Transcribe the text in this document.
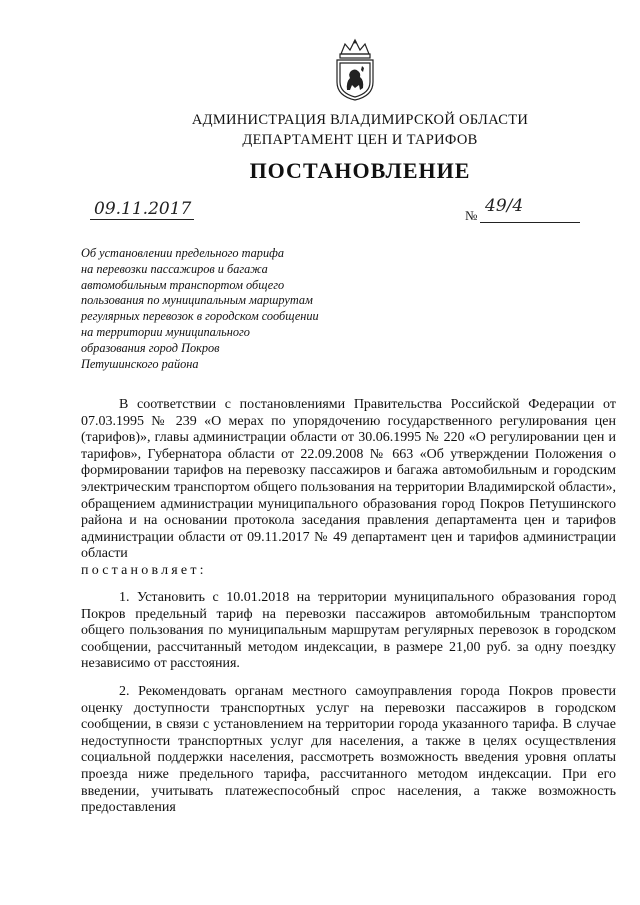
АДМИНИСТРАЦИЯ ВЛАДИМИРСКОЙ ОБЛАСТИ
ДЕПАРТАМЕНТ ЦЕН И ТАРИФОВ
ПОСТАНОВЛЕНИЕ
09.11.2017	№ 49/4
Об установлении предельного тарифа
на перевозки пассажиров и багажа
автомобильным транспортом общего
пользования по муниципальным маршрутам
регулярных перевозок в городском сообщении
на территории муниципального
образования город Покров
Петушинского района

В соответствии с постановлениями Правительства Российской Федерации от 07.03.1995 № 239 «О мерах по упорядочению государственного регулирования цен (тарифов)», главы администрации области от 30.06.1995 № 220 «О регулировании цен и тарифов», Губернатора области от 22.09.2008 № 663 «Об утверждении Положения о формировании тарифов на перевозку пассажиров и багажа автомобильным и городским электрическим транспортом общего пользования на территории Владимирской области», обращением администрации муниципального образования город Покров Петушинского района и на основании протокола заседания правления департамента цен и тарифов администрации области от 09.11.2017 № 49 департамент цен и тарифов администрации области

постановляет:

1. Установить с 10.01.2018 на территории муниципального образования город Покров предельный тариф на перевозки пассажиров автомобильным транспортом общего пользования по муниципальным маршрутам регулярных перевозок в городском сообщении, рассчитанный методом индексации, в размере 21,00 руб. за одну поездку независимо от расстояния.

2. Рекомендовать органам местного самоуправления города Покров провести оценку доступности транспортных услуг на перевозки пассажиров в городском сообщении, в связи с установлением на территории города указанного тарифа. В случае недоступности транспортных услуг для населения, а также в целях осуществления социальной поддержки населения, рассмотреть возможность введения уровня оплаты проезда ниже предельного тарифа, рассчитанного методом индексации. При его введении, учитывать платежеспособный спрос населения, а также возможность предоставления
